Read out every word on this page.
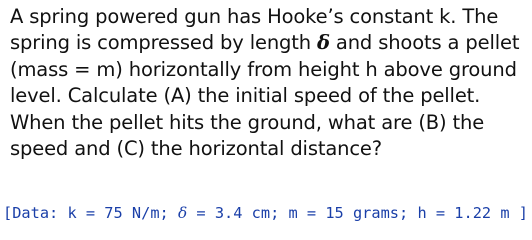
A spring powered gun has Hooke’s constant k. The
spring is compressed by length δ and shoots a pellet
(mass = m) horizontally from height h above ground
level. Calculate (A) the initial speed of the pellet.
When the pellet hits the ground, what are (B) the
speed and (C) the horizontal distance?

[Data: k = 75 N/m; δ = 3.4 cm; m = 15 grams; h = 1.22 m ]
